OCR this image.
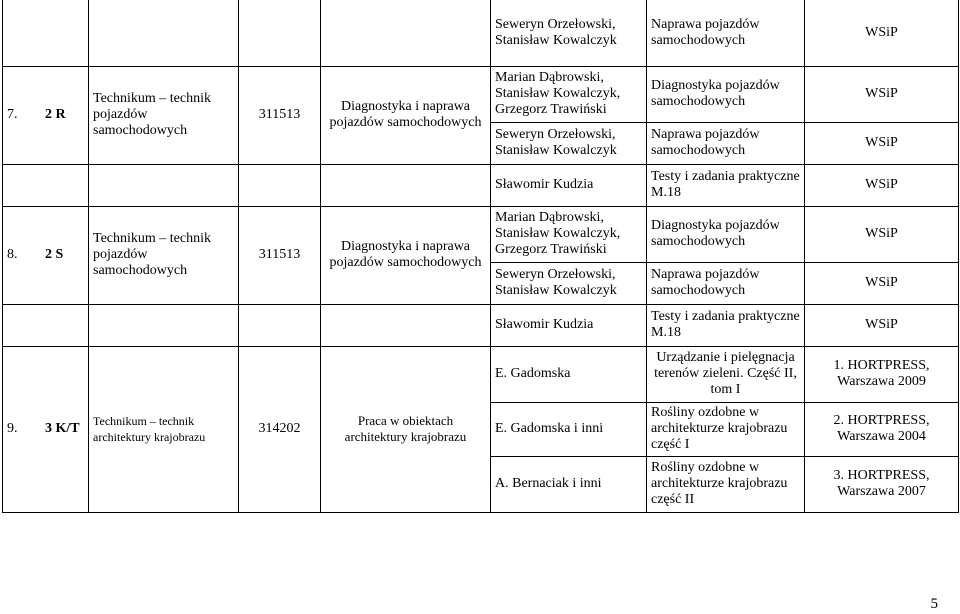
				Seweryn Orzełowski, Stanisław Kowalczyk	Naprawa pojazdów samochodowych	WSiP
7. 2 R	Technikum – technik pojazdów samochodowych	311513	Diagnostyka i naprawa pojazdów samochodowych	Marian Dąbrowski, Stanisław Kowalczyk, Grzegorz Trawiński	Diagnostyka pojazdów samochodowych	WSiP
				Seweryn Orzełowski, Stanisław Kowalczyk	Naprawa pojazdów samochodowych	WSiP
				Sławomir Kudzia	Testy i zadania praktyczne M.18	WSiP
8. 2 S	Technikum – technik pojazdów samochodowych	311513	Diagnostyka i naprawa pojazdów samochodowych	Marian Dąbrowski, Stanisław Kowalczyk, Grzegorz Trawiński	Diagnostyka pojazdów samochodowych	WSiP
				Seweryn Orzełowski, Stanisław Kowalczyk	Naprawa pojazdów samochodowych	WSiP
				Sławomir Kudzia	Testy i zadania praktyczne M.18	WSiP
9. 3 K/T	Technikum – technik architektury krajobrazu	314202	Praca w obiektach architektury krajobrazu	E. Gadomska	Urządzanie i pielęgnacja terenów zieleni. Część II, tom I	1. HORTPRESS, Warszawa 2009
				E. Gadomska i inni	Rośliny ozdobne w architekturze krajobrazu część I	2. HORTPRESS, Warszawa 2004
				A. Bernaciak i inni	Rośliny ozdobne w architekturze krajobrazu część II	3. HORTPRESS, Warszawa 2007
5
